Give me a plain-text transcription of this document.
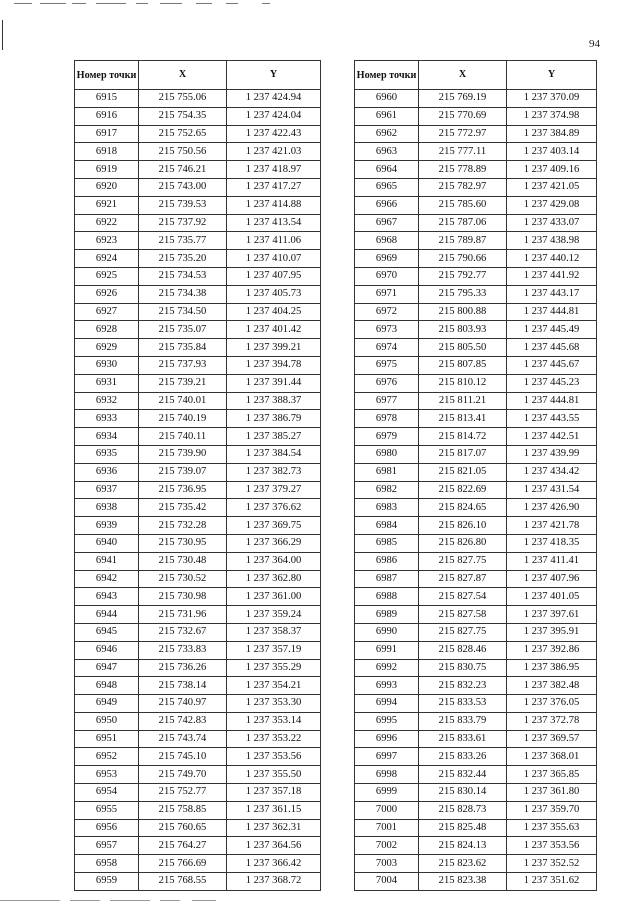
94
Номер точки	X	Y
6915	215 755.06	1 237 424.94
6916	215 754.35	1 237 424.04
6917	215 752.65	1 237 422.43
6918	215 750.56	1 237 421.03
6919	215 746.21	1 237 418.97
6920	215 743.00	1 237 417.27
6921	215 739.53	1 237 414.88
6922	215 737.92	1 237 413.54
6923	215 735.77	1 237 411.06
6924	215 735.20	1 237 410.07
6925	215 734.53	1 237 407.95
6926	215 734.38	1 237 405.73
6927	215 734.50	1 237 404.25
6928	215 735.07	1 237 401.42
6929	215 735.84	1 237 399.21
6930	215 737.93	1 237 394.78
6931	215 739.21	1 237 391.44
6932	215 740.01	1 237 388.37
6933	215 740.19	1 237 386.79
6934	215 740.11	1 237 385.27
6935	215 739.90	1 237 384.54
6936	215 739.07	1 237 382.73
6937	215 736.95	1 237 379.27
6938	215 735.42	1 237 376.62
6939	215 732.28	1 237 369.75
6940	215 730.95	1 237 366.29
6941	215 730.48	1 237 364.00
6942	215 730.52	1 237 362.80
6943	215 730.98	1 237 361.00
6944	215 731.96	1 237 359.24
6945	215 732.67	1 237 358.37
6946	215 733.83	1 237 357.19
6947	215 736.26	1 237 355.29
6948	215 738.14	1 237 354.21
6949	215 740.97	1 237 353.30
6950	215 742.83	1 237 353.14
6951	215 743.74	1 237 353.22
6952	215 745.10	1 237 353.56
6953	215 749.70	1 237 355.50
6954	215 752.77	1 237 357.18
6955	215 758.85	1 237 361.15
6956	215 760.65	1 237 362.31
6957	215 764.27	1 237 364.56
6958	215 766.69	1 237 366.42
6959	215 768.55	1 237 368.72
Номер точки	X	Y
6960	215 769.19	1 237 370.09
6961	215 770.69	1 237 374.98
6962	215 772.97	1 237 384.89
6963	215 777.11	1 237 403.14
6964	215 778.89	1 237 409.16
6965	215 782.97	1 237 421.05
6966	215 785.60	1 237 429.08
6967	215 787.06	1 237 433.07
6968	215 789.87	1 237 438.98
6969	215 790.66	1 237 440.12
6970	215 792.77	1 237 441.92
6971	215 795.33	1 237 443.17
6972	215 800.88	1 237 444.81
6973	215 803.93	1 237 445.49
6974	215 805.50	1 237 445.68
6975	215 807.85	1 237 445.67
6976	215 810.12	1 237 445.23
6977	215 811.21	1 237 444.81
6978	215 813.41	1 237 443.55
6979	215 814.72	1 237 442.51
6980	215 817.07	1 237 439.99
6981	215 821.05	1 237 434.42
6982	215 822.69	1 237 431.54
6983	215 824.65	1 237 426.90
6984	215 826.10	1 237 421.78
6985	215 826.80	1 237 418.35
6986	215 827.75	1 237 411.41
6987	215 827.87	1 237 407.96
6988	215 827.54	1 237 401.05
6989	215 827.58	1 237 397.61
6990	215 827.75	1 237 395.91
6991	215 828.46	1 237 392.86
6992	215 830.75	1 237 386.95
6993	215 832.23	1 237 382.48
6994	215 833.53	1 237 376.05
6995	215 833.79	1 237 372.78
6996	215 833.61	1 237 369.57
6997	215 833.26	1 237 368.01
6998	215 832.44	1 237 365.85
6999	215 830.14	1 237 361.80
7000	215 828.73	1 237 359.70
7001	215 825.48	1 237 355.63
7002	215 824.13	1 237 353.56
7003	215 823.62	1 237 352.52
7004	215 823.38	1 237 351.62
